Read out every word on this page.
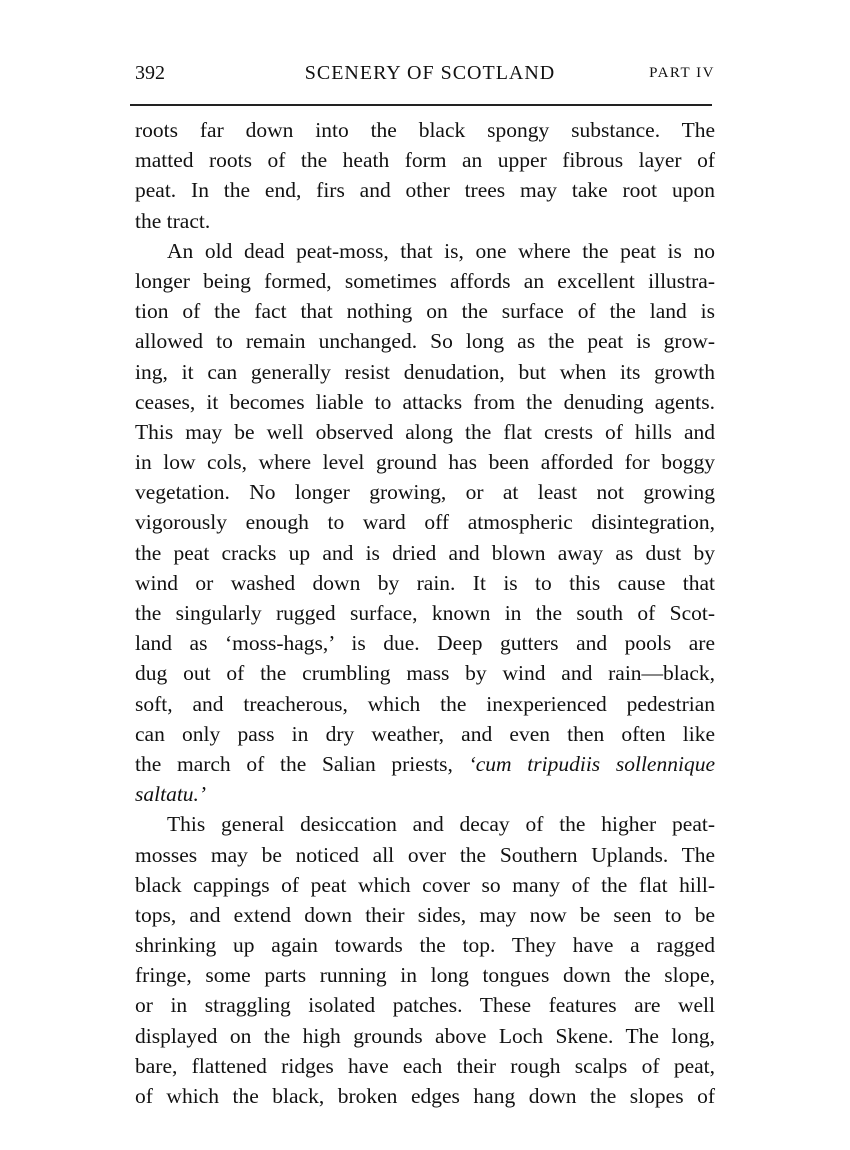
392	SCENERY OF SCOTLAND	PART IV
roots far down into the black spongy substance. The
matted roots of the heath form an upper fibrous layer of
peat. In the end, firs and other trees may take root upon
the tract.
An old dead peat-moss, that is, one where the peat is no
longer being formed, sometimes affords an excellent illustra-
tion of the fact that nothing on the surface of the land is
allowed to remain unchanged. So long as the peat is grow-
ing, it can generally resist denudation, but when its growth
ceases, it becomes liable to attacks from the denuding agents.
This may be well observed along the flat crests of hills and
in low cols, where level ground has been afforded for boggy
vegetation. No longer growing, or at least not growing
vigorously enough to ward off atmospheric disintegration,
the peat cracks up and is dried and blown away as dust by
wind or washed down by rain. It is to this cause that
the singularly rugged surface, known in the south of Scot-
land as ‘moss-hags,’ is due. Deep gutters and pools are
dug out of the crumbling mass by wind and rain—black,
soft, and treacherous, which the inexperienced pedestrian
can only pass in dry weather, and even then often like
the march of the Salian priests, ‘cum tripudiis sollennique
saltatu.’
This general desiccation and decay of the higher peat-
mosses may be noticed all over the Southern Uplands. The
black cappings of peat which cover so many of the flat hill-
tops, and extend down their sides, may now be seen to be
shrinking up again towards the top. They have a ragged
fringe, some parts running in long tongues down the slope,
or in straggling isolated patches. These features are well
displayed on the high grounds above Loch Skene. The long,
bare, flattened ridges have each their rough scalps of peat,
of which the black, broken edges hang down the slopes of
